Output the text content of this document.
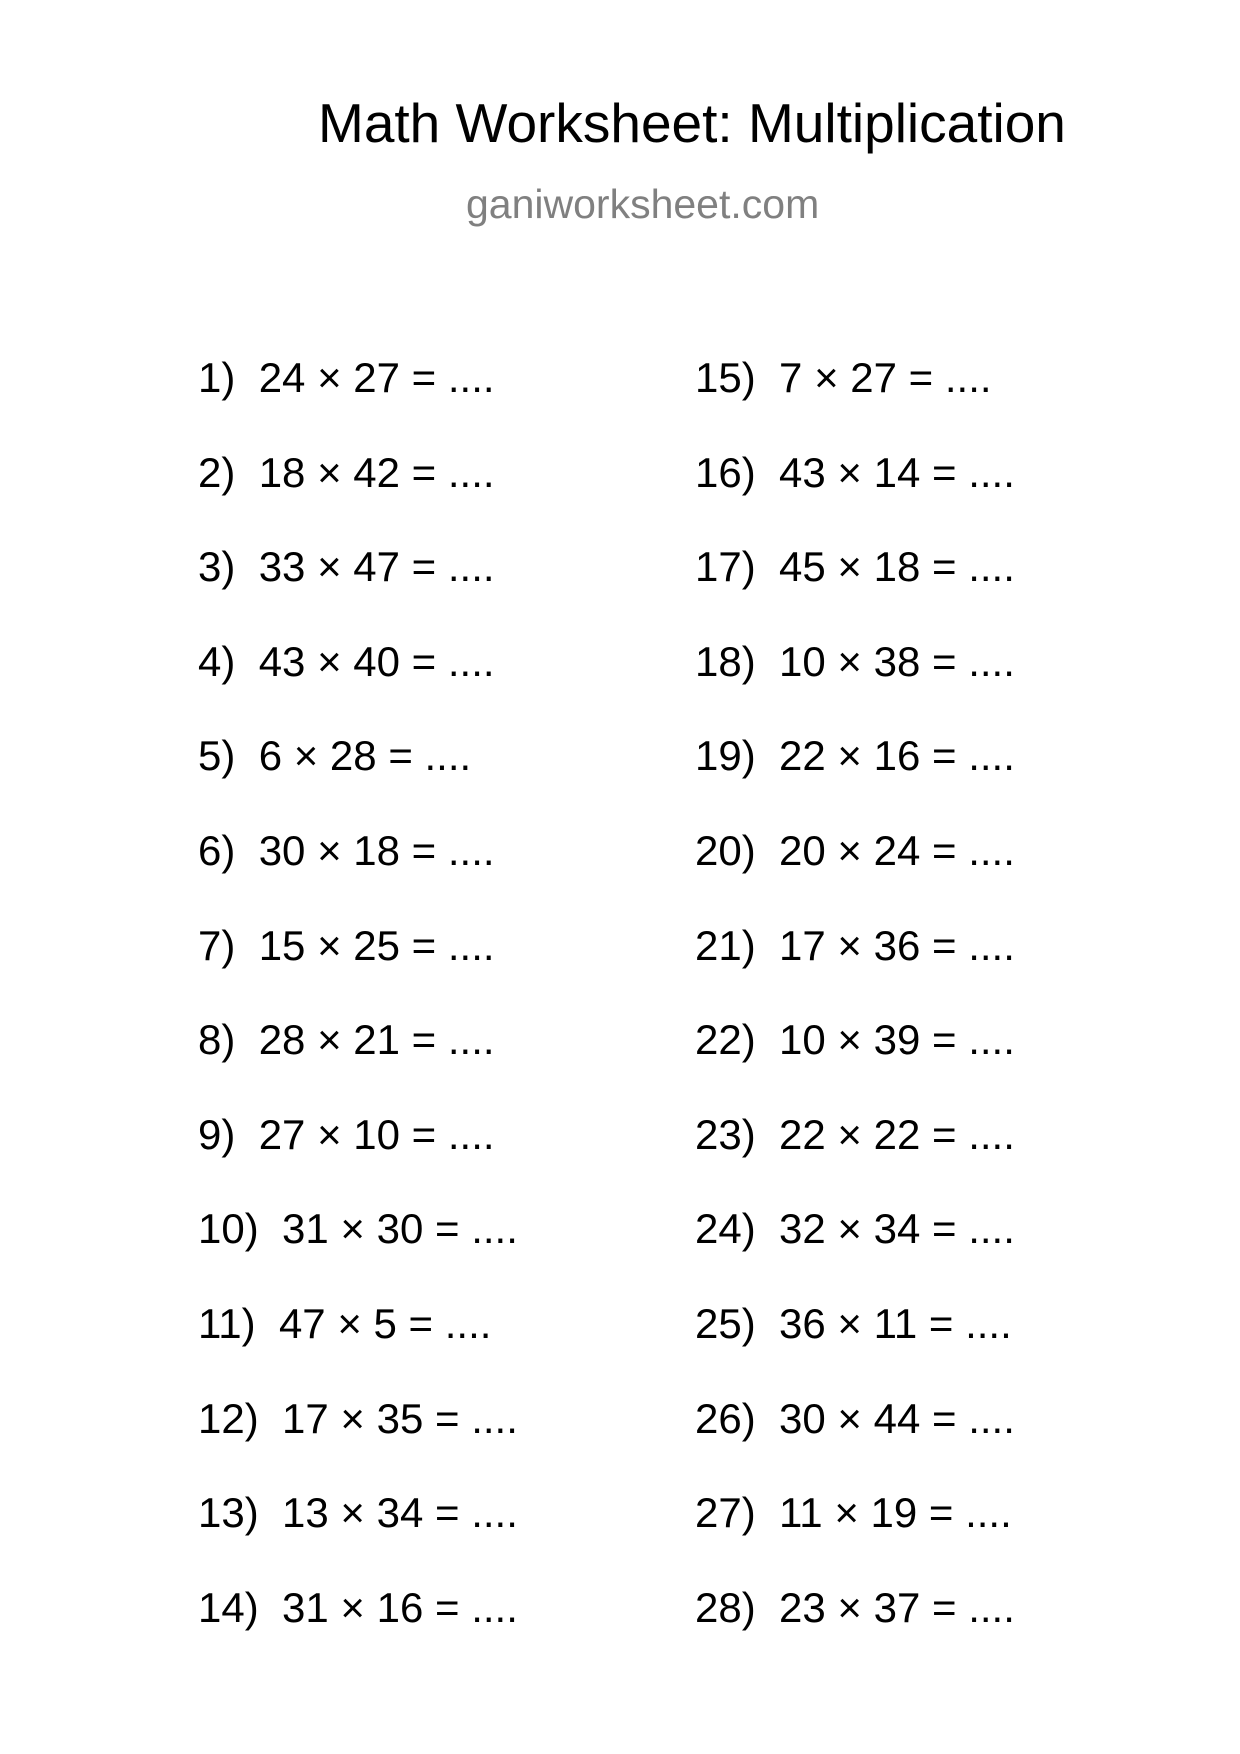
Math Worksheet: Multiplication
ganiworksheet.com
1) 24 × 27 = ....
2) 18 × 42 = ....
3) 33 × 47 = ....
4) 43 × 40 = ....
5) 6 × 28 = ....
6) 30 × 18 = ....
7) 15 × 25 = ....
8) 28 × 21 = ....
9) 27 × 10 = ....
10) 31 × 30 = ....
11) 47 × 5 = ....
12) 17 × 35 = ....
13) 13 × 34 = ....
14) 31 × 16 = ....
15) 7 × 27 = ....
16) 43 × 14 = ....
17) 45 × 18 = ....
18) 10 × 38 = ....
19) 22 × 16 = ....
20) 20 × 24 = ....
21) 17 × 36 = ....
22) 10 × 39 = ....
23) 22 × 22 = ....
24) 32 × 34 = ....
25) 36 × 11 = ....
26) 30 × 44 = ....
27) 11 × 19 = ....
28) 23 × 37 = ....
